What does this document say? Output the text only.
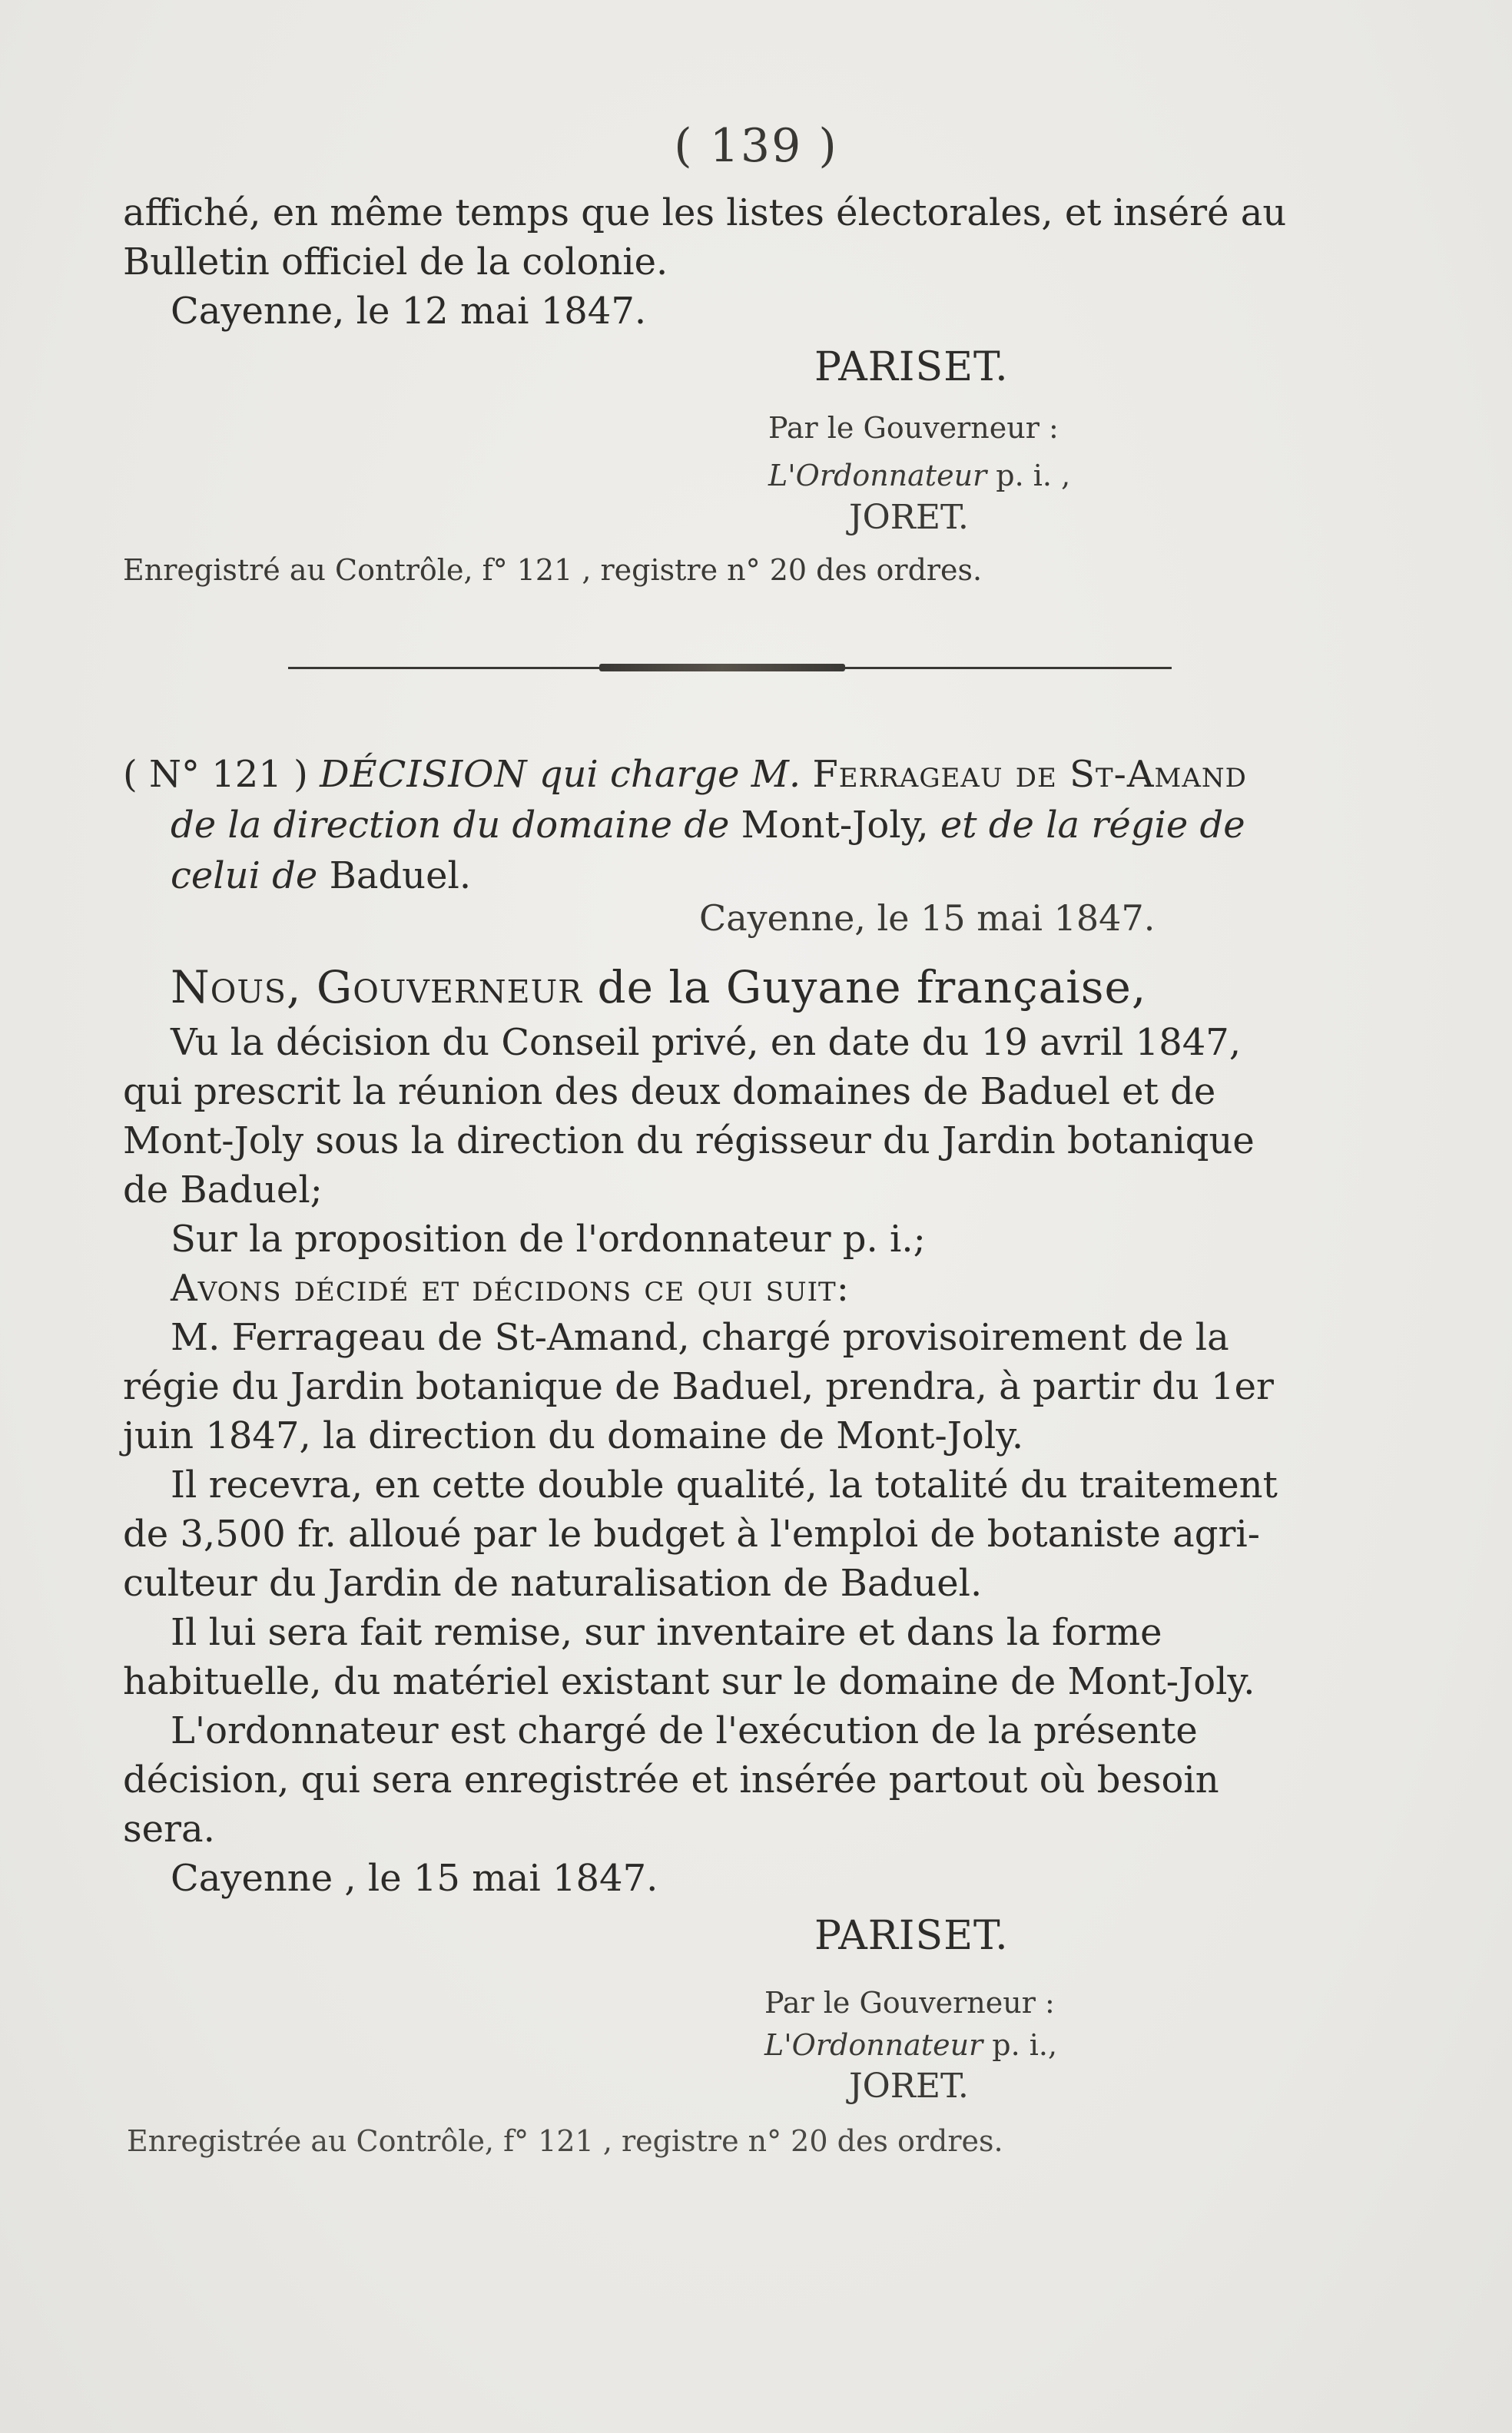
( 139 )

affiché, en même temps que les listes électorales, et inséré au

Bulletin officiel de la colonie.

Cayenne, le 12 mai 1847.

PARISET.
Par le Gouverneur :
L'Ordonnateur p. i. ,
JORET.
Enregistré au Contrôle, f° 121 , registre n° 20 des ordres.

( N° 121 ) DÉCISION qui charge M. Ferrageau de St-Amand

de la direction du domaine de Mont-Joly, et de la régie de

celui de Baduel.

Cayenne, le 15 mai 1847.

Nous, Gouverneur de la Guyane française,

Vu la décision du Conseil privé, en date du 19 avril 1847,
qui prescrit la réunion des deux domaines de Baduel et de
Mont-Joly sous la direction du régisseur du Jardin botanique
de Baduel;

Sur la proposition de l'ordonnateur p. i.;

Avons décidé et décidons ce qui suit:

M. Ferrageau de St-Amand, chargé provisoirement de la
régie du Jardin botanique de Baduel, prendra, à partir du 1er
juin 1847, la direction du domaine de Mont-Joly.

Il recevra, en cette double qualité, la totalité du traitement
de 3,500 fr. alloué par le budget à l'emploi de botaniste agri-
culteur du Jardin de naturalisation de Baduel.

Il lui sera fait remise, sur inventaire et dans la forme
habituelle, du matériel existant sur le domaine de Mont-Joly.

L'ordonnateur est chargé de l'exécution de la présente
décision, qui sera enregistrée et insérée partout où besoin
sera.

Cayenne , le 15 mai 1847.

PARISET.
Par le Gouverneur :
L'Ordonnateur p. i.,
JORET.
Enregistrée au Contrôle, f° 121 , registre n° 20 des ordres.
